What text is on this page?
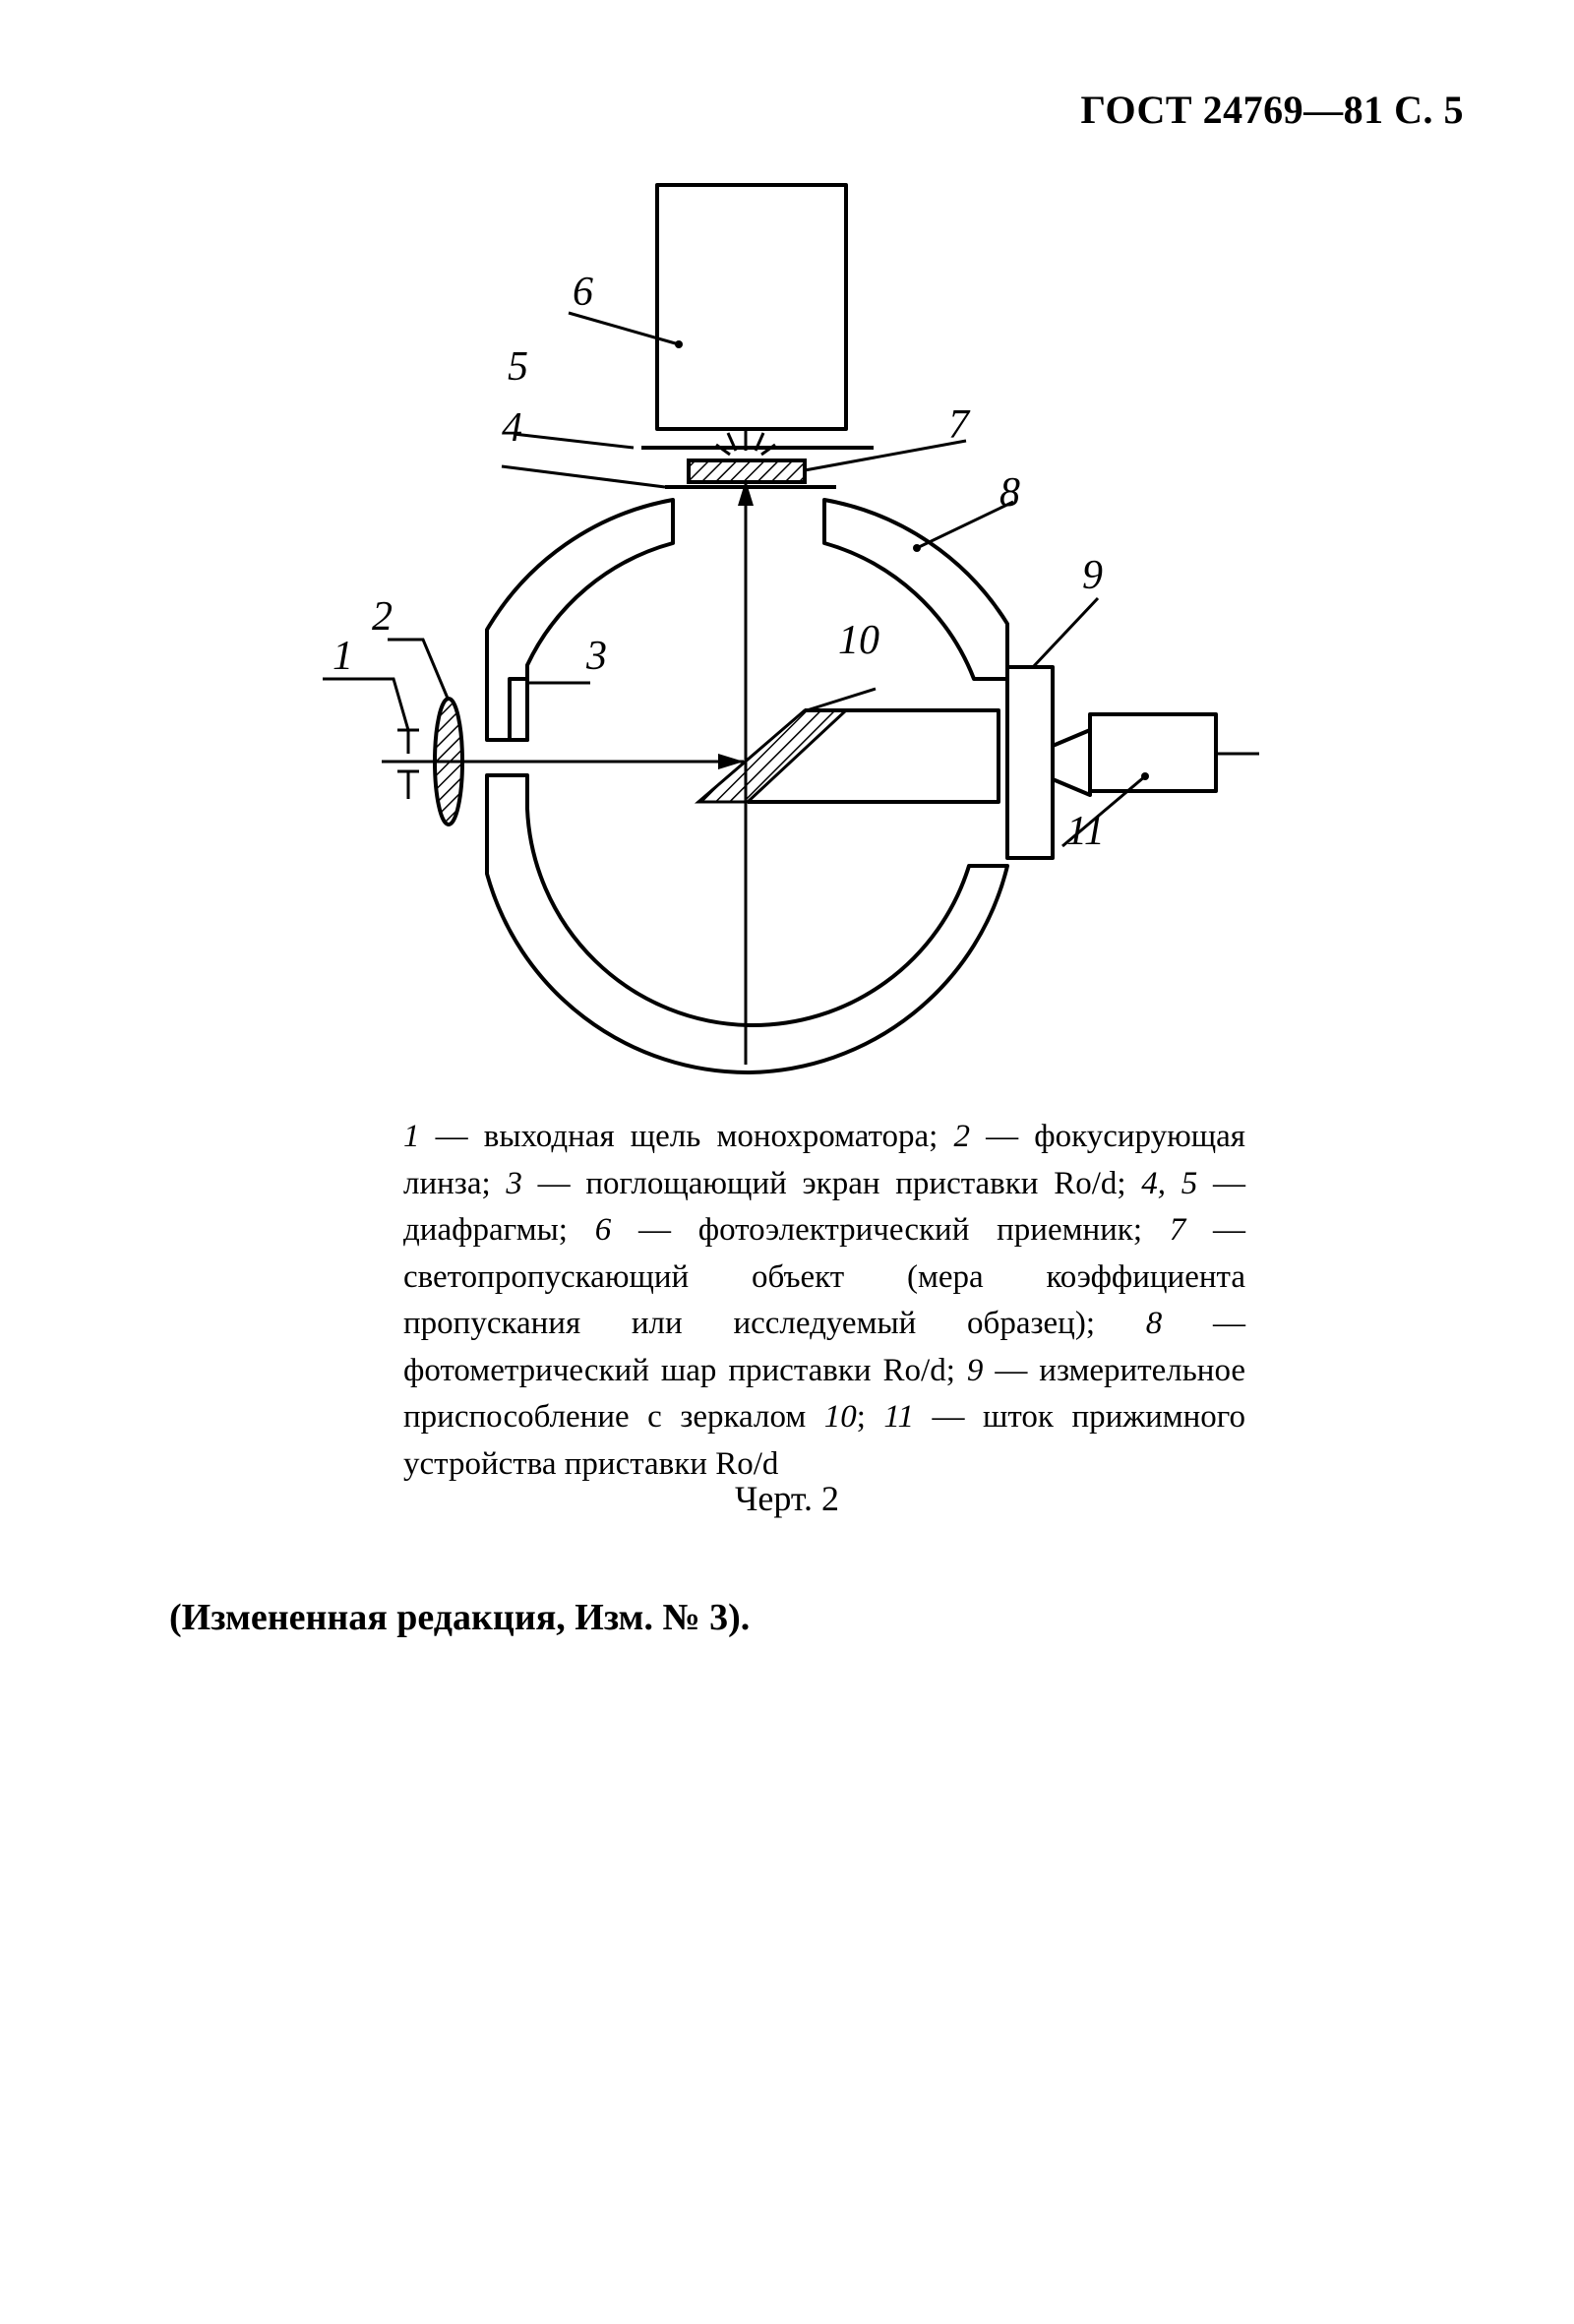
ГОСТ 24769—81 С. 5
1
2
3
4
5
6
7
8
9
10
11
1 — выходная щель монохроматора; 2 — фокусирующая линза; 3 — поглощающий экран приставки Ro/d; 4, 5 — диафрагмы; 6 — фотоэлектрический приемник; 7 — светопропускающий объект (мера коэффициента пропускания или исследуемый образец); 8 — фотометрический шар приставки Ro/d; 9 — измерительное приспособление с зеркалом 10; 11 — шток прижимного устройства приставки Ro/d
Черт. 2
(Измененная редакция, Изм. № 3).
